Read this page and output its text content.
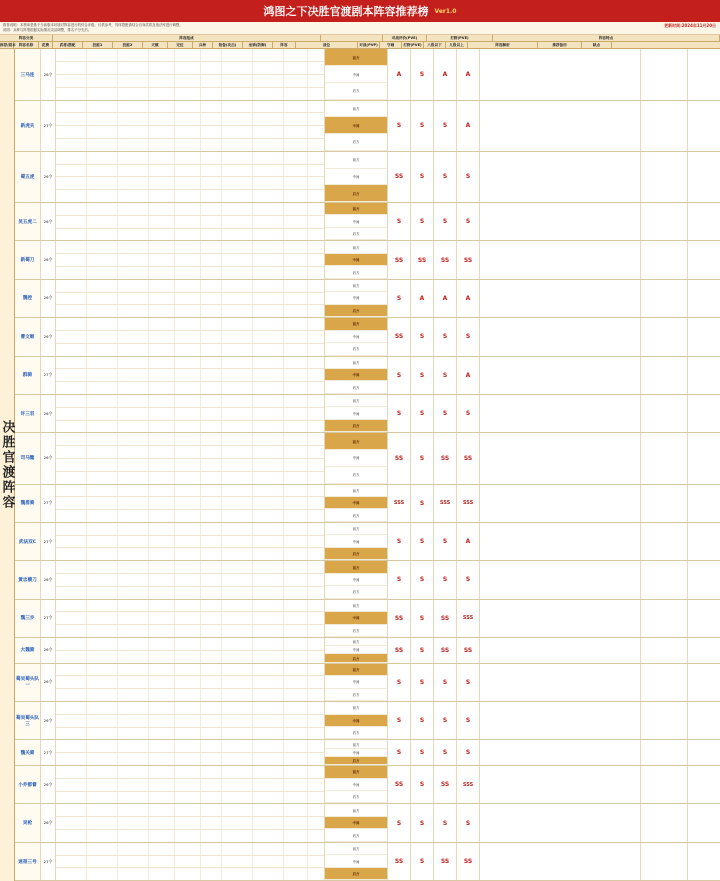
鸿图之下决胜官渡剧本阵容推荐榜 Ver1.0
推荐说明：本榜单是基于当前版本环境对阵容进行的综合评级，仅供参考，具体搭配请结合自身武将及战法库进行调整。
说明：兵种与阵型根据实际情况灵活调整，排名不分先后。
更新时间:2024年11月20日
阵容分类	阵容组成	对战评价(PVE)	打野(PVE)	阵容特点
推荐/剧本 阵容名称	花费	武将/搭配	技能1	技能2	天赋	定位	兵种	装备(攻击)	坐骑(防御)	阵容	战位	对战(PVP)	守城	打野(PVE)	八级以下	九级以上	阵容解析	推荐备用	缺点
决胜官渡阵容
三马连	26令
前方
中间
后方
A	S	A	A
新虎关	27令
前方
中间
后方
S	S	S	A
蜀五虎	26令
前方
中间
后方
SS	S	S	S
吴五虎二	26令
前方
中间
后方
S	S	S	S
新蜀刀	26令
前方
中间
后方
SS	SS	SS	SS
魏控	26令
前方
中间
后方
S	A	A	A
曹文姬	26令
前方
中间
后方
SS	S	S	S
群骑	27令
前方
中间
后方
S	S	S	A
许三羽	26令
前方
中间
后方
S	S	S	S
司马懿	26令
前方
中间
后方
SS	S	SS	SS
魏盾骑	27令
前方
中间
后方
SSS	S	SSS	SSS
武法双C	27令
前方
中间
后方
S	S	S	A
黄忠横刀	26令
前方
中间
后方
S	S	S	S
魏三步	27令
前方
中间
后方
SS	S	SS	SSS
大魏骑	26令
前方
中间
后方
SS	S	SS	SS
蜀吴蜀头队一
26令
前方
中间
后方
S	S	S	S
蜀吴蜀头队三
26令
前方
中间
后方
S	S	S	S
魏关骑	27令
前方
中间
后方
S	S	S	S
小乔都督	26令
前方
中间
后方
SS	S	SS	SSS
吴枪	26令
前方
中间
后方
S	S	S	S
迷哥三号	27令
前方
中间
后方
SS	S	SS	SS
